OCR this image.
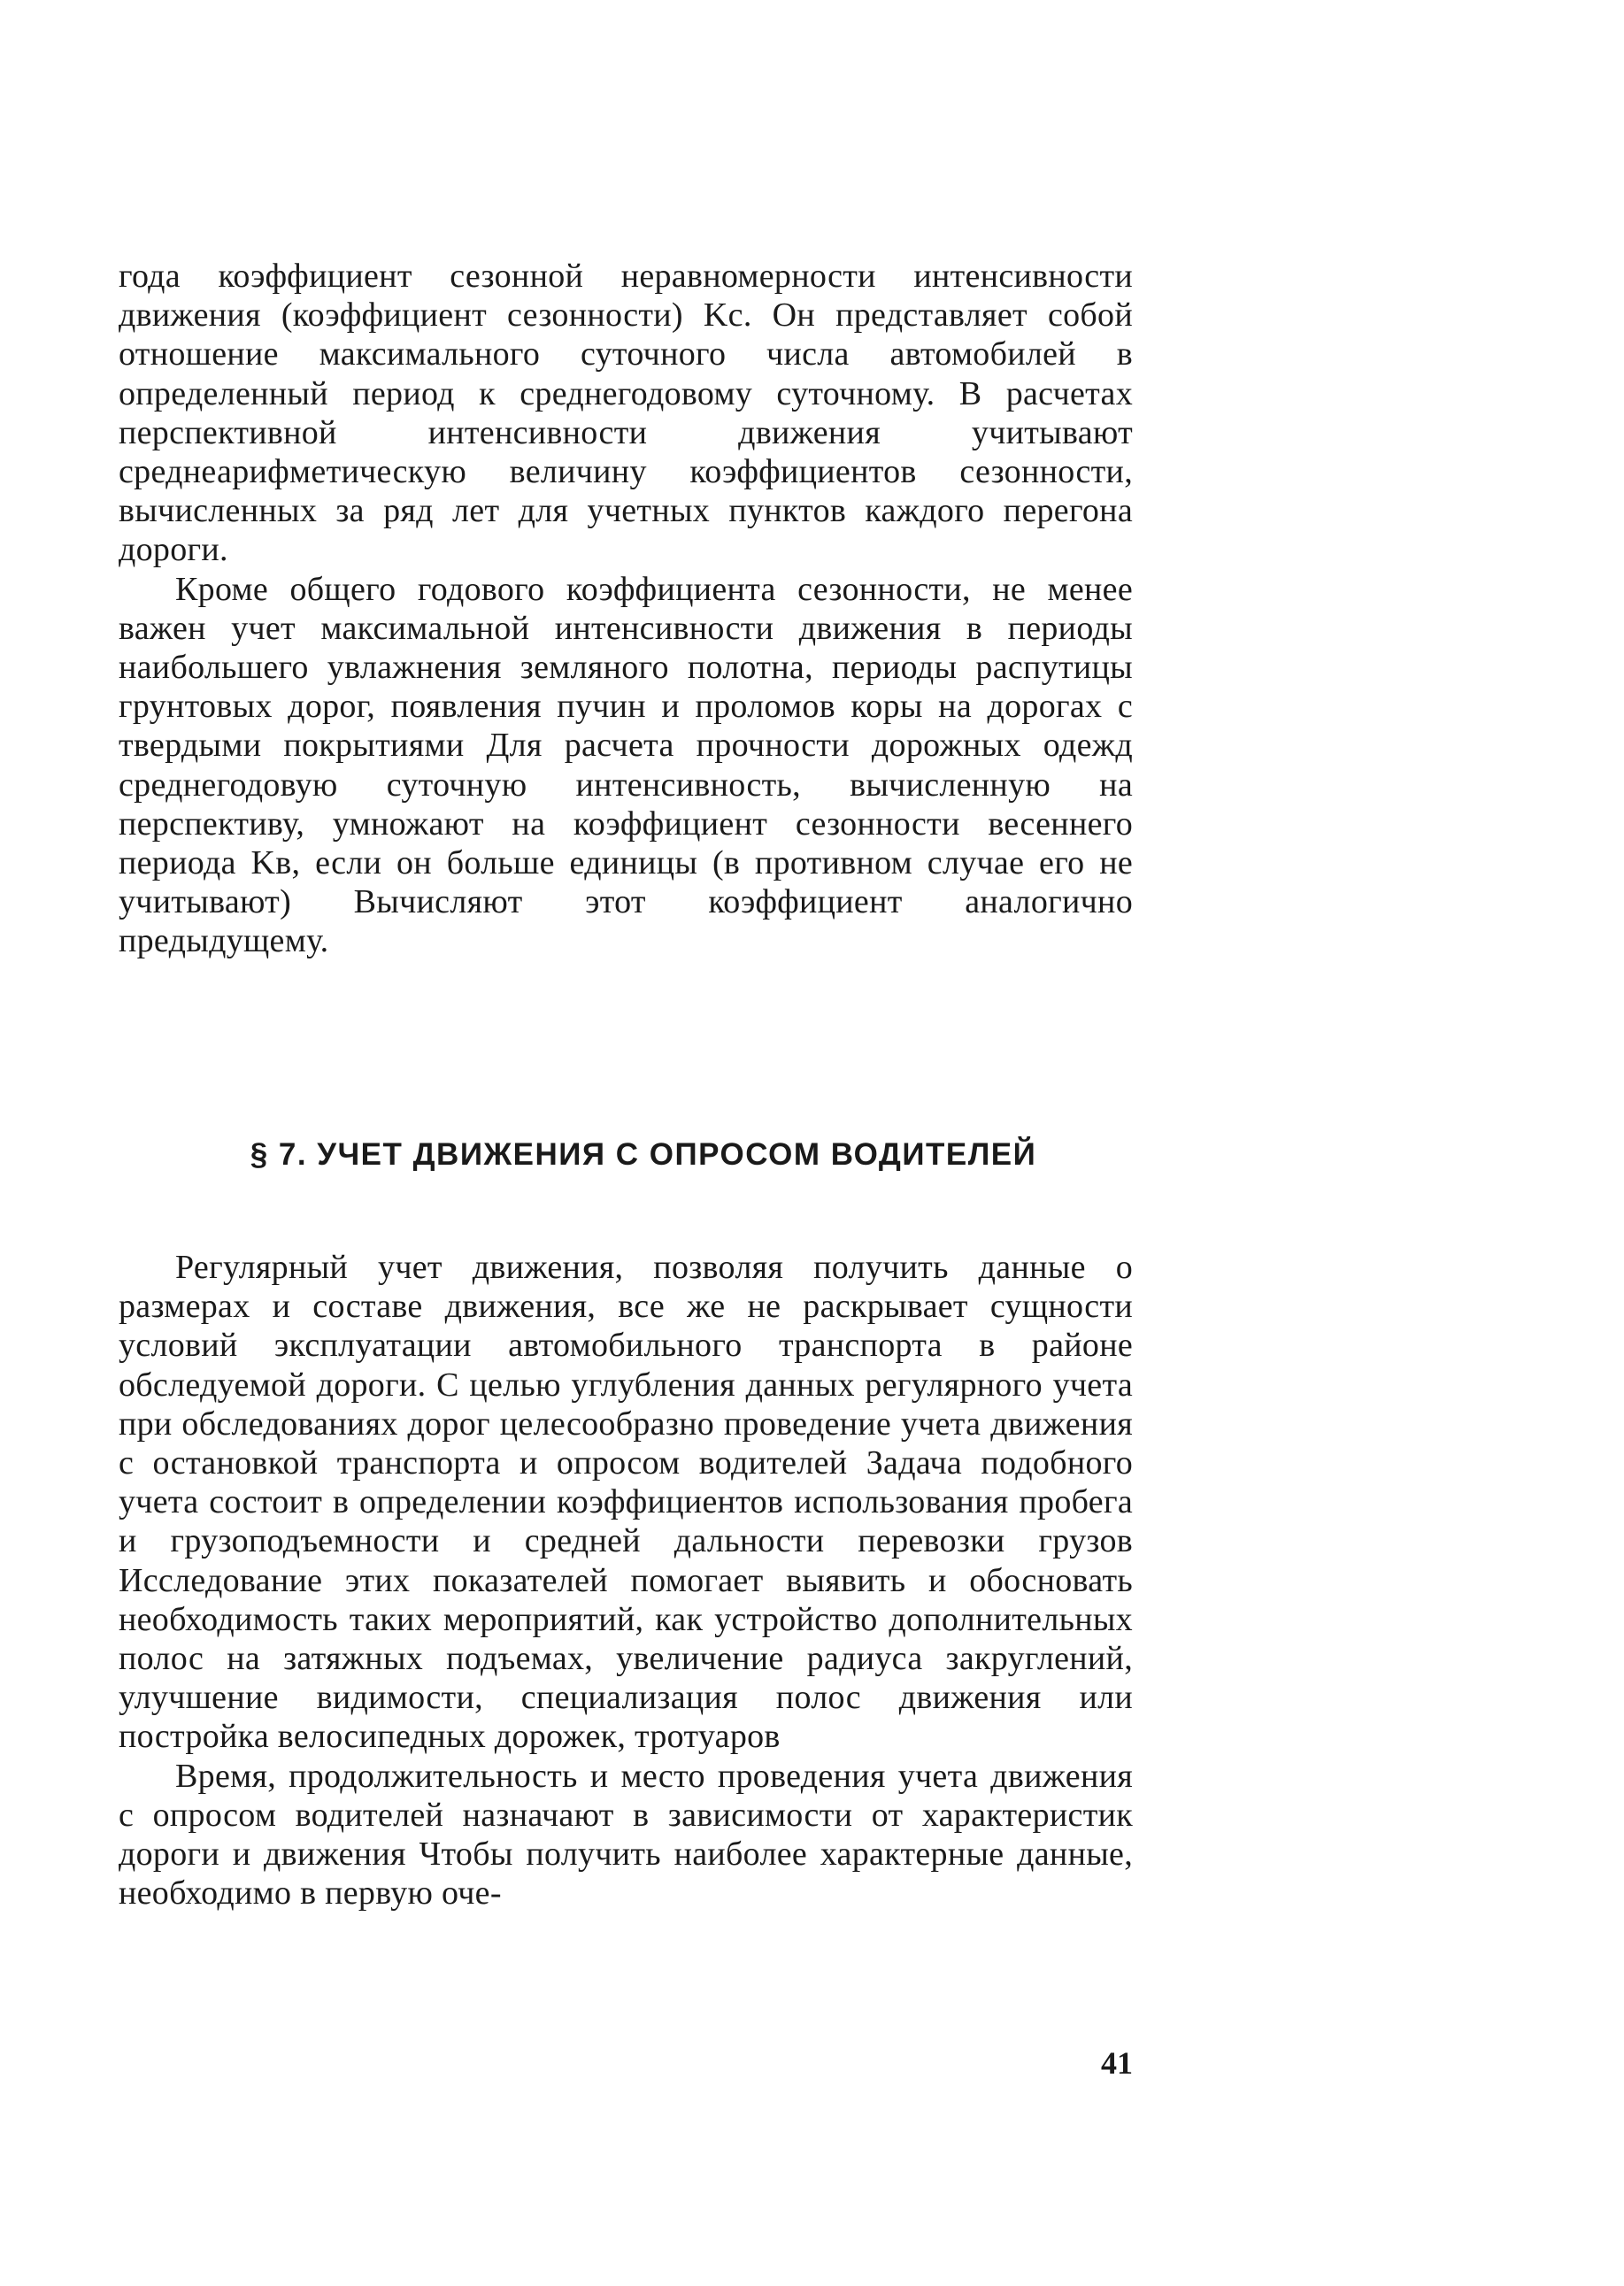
года коэффициент сезонной неравномерности интенсивности движения (коэффициент сезонности) Kс. Он представляет собой отношение максимального суточного числа автомобилей в определенный период к среднегодовому суточному. В расчетах перспективной интенсивности движения учитывают среднеарифметическую величину коэффициентов сезонности, вычисленных за ряд лет для учетных пунктов каждого перегона дороги.

Кроме общего годового коэффициента сезонности, не менее важен учет максимальной интенсивности движения в периоды наибольшего увлажнения земляного полотна, периоды распутицы грунтовых дорог, появления пучин и проломов коры на дорогах с твердыми покрытиями Для расчета прочности дорожных одежд среднегодовую суточную интенсивность, вычисленную на перспективу, умножают на коэффициент сезонности весеннего периода Kв, если он больше единицы (в противном случае его не учитывают) Вычисляют этот коэффициент аналогично предыдущему.

§ 7. УЧЕТ ДВИЖЕНИЯ С ОПРОСОМ ВОДИТЕЛЕЙ

Регулярный учет движения, позволяя получить данные о размерах и составе движения, все же не раскрывает сущности условий эксплуатации автомобильного транспорта в районе обследуемой дороги. С целью углубления данных регулярного учета при обследованиях дорог целесообразно проведение учета движения с остановкой транспорта и опросом водителей Задача подобного учета состоит в определении коэффициентов использования пробега и грузоподъемности и средней дальности перевозки грузов Исследование этих показателей помогает выявить и обосновать необходимость таких мероприятий, как устройство дополнительных полос на затяжных подъемах, увеличение радиуса закруглений, улучшение видимости, специализация полос движения или постройка велосипедных дорожек, тротуаров

Время, продолжительность и место проведения учета движения с опросом водителей назначают в зависимости от характеристик дороги и движения Чтобы получить наиболее характерные данные, необходимо в первую оче-

41
